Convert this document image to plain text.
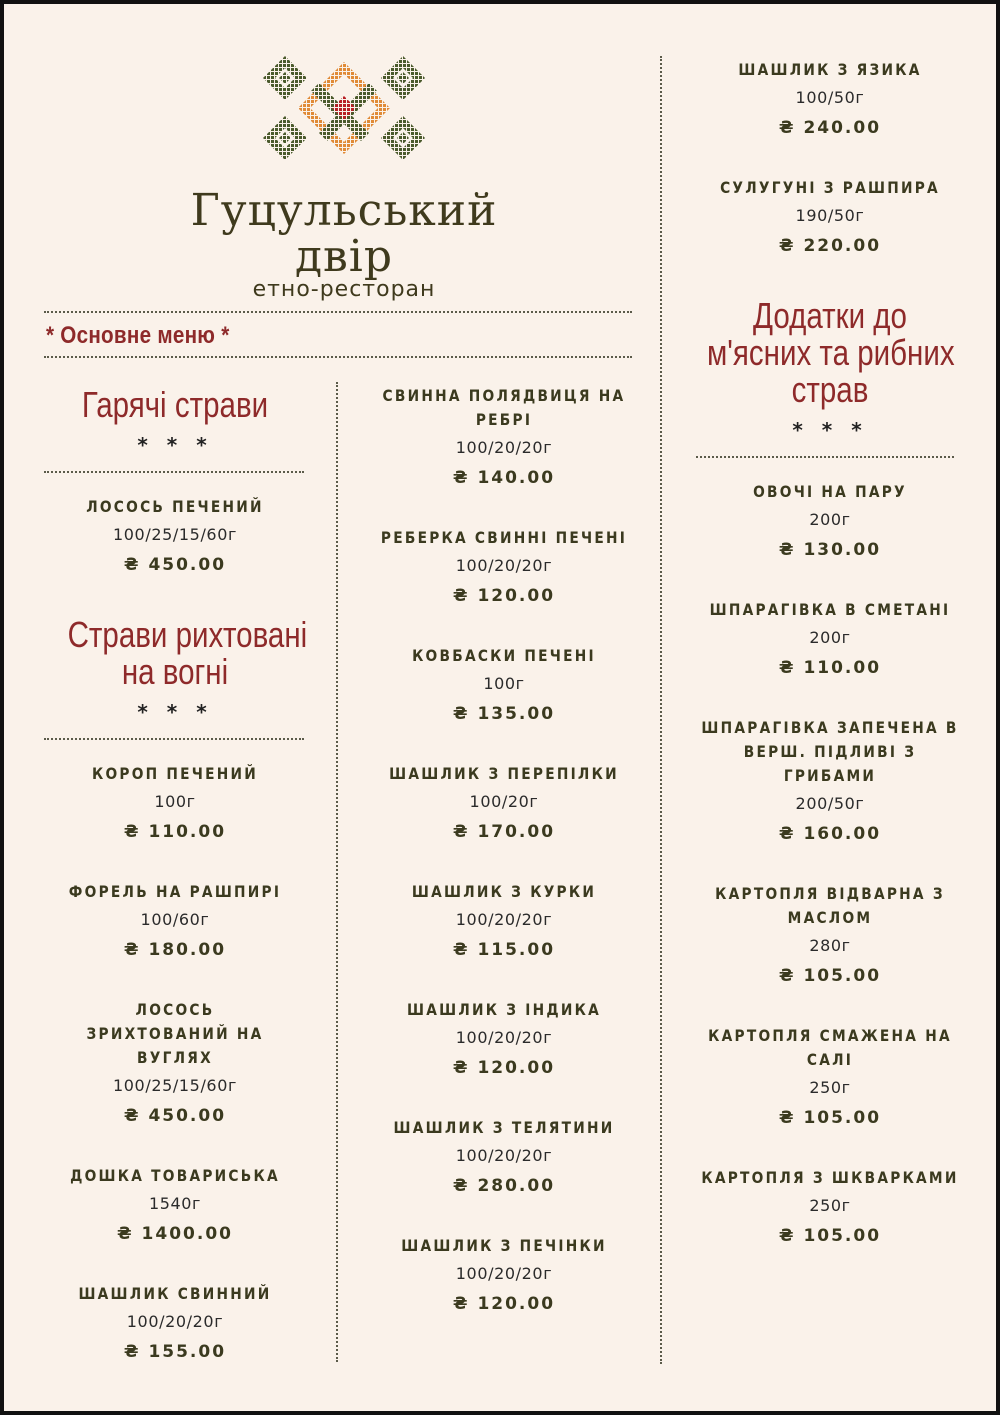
Гуцульський двір
етно-ресторан
* Основне меню *
Гарячі страви
* * *
ЛОСОСЬ ПЕЧЕНИЙ
100/25/15/60г
₴ 450.00
Страви рихтовані
на вогні
* * *
КОРОП ПЕЧЕНИЙ
100г
₴ 110.00
ФОРЕЛЬ НА РАШПИРІ
100/60г
₴ 180.00
ЛОСОСЬ ЗРИХТОВАНИЙ НА
ВУГЛЯХ
100/25/15/60г
₴ 450.00
ДОШКА ТОВАРИСЬКА
1540г
₴ 1400.00
ШАШЛИК СВИННИЙ
100/20/20г
₴ 155.00
СВИННА ПОЛЯДВИЦЯ НА
РЕБРІ
100/20/20г
₴ 140.00
РЕБЕРКА СВИННІ ПЕЧЕНІ
100/20/20г
₴ 120.00
КОВБАСКИ ПЕЧЕНІ
100г
₴ 135.00
ШАШЛИК З ПЕРЕПІЛКИ
100/20г
₴ 170.00
ШАШЛИК З КУРКИ
100/20/20г
₴ 115.00
ШАШЛИК З ІНДИКА
100/20/20г
₴ 120.00
ШАШЛИК З ТЕЛЯТИНИ
100/20/20г
₴ 280.00
ШАШЛИК З ПЕЧІНКИ
100/20/20г
₴ 120.00
ШАШЛИК З ЯЗИКА
100/50г
₴ 240.00
СУЛУГУНІ З РАШПИРА
190/50г
₴ 220.00
Додатки до
м'ясних та рибних
страв
* * *
ОВОЧІ НА ПАРУ
200г
₴ 130.00
ШПАРАГІВКА В СМЕТАНІ
200г
₴ 110.00
ШПАРАГІВКА ЗАПЕЧЕНА В
ВЕРШ. ПІДЛИВІ З ГРИБАМИ
200/50г
₴ 160.00
КАРТОПЛЯ ВІДВАРНА З
МАСЛОМ
280г
₴ 105.00
КАРТОПЛЯ СМАЖЕНА НА САЛІ
250г
₴ 105.00
КАРТОПЛЯ З ШКВАРКАМИ
250г
₴ 105.00
